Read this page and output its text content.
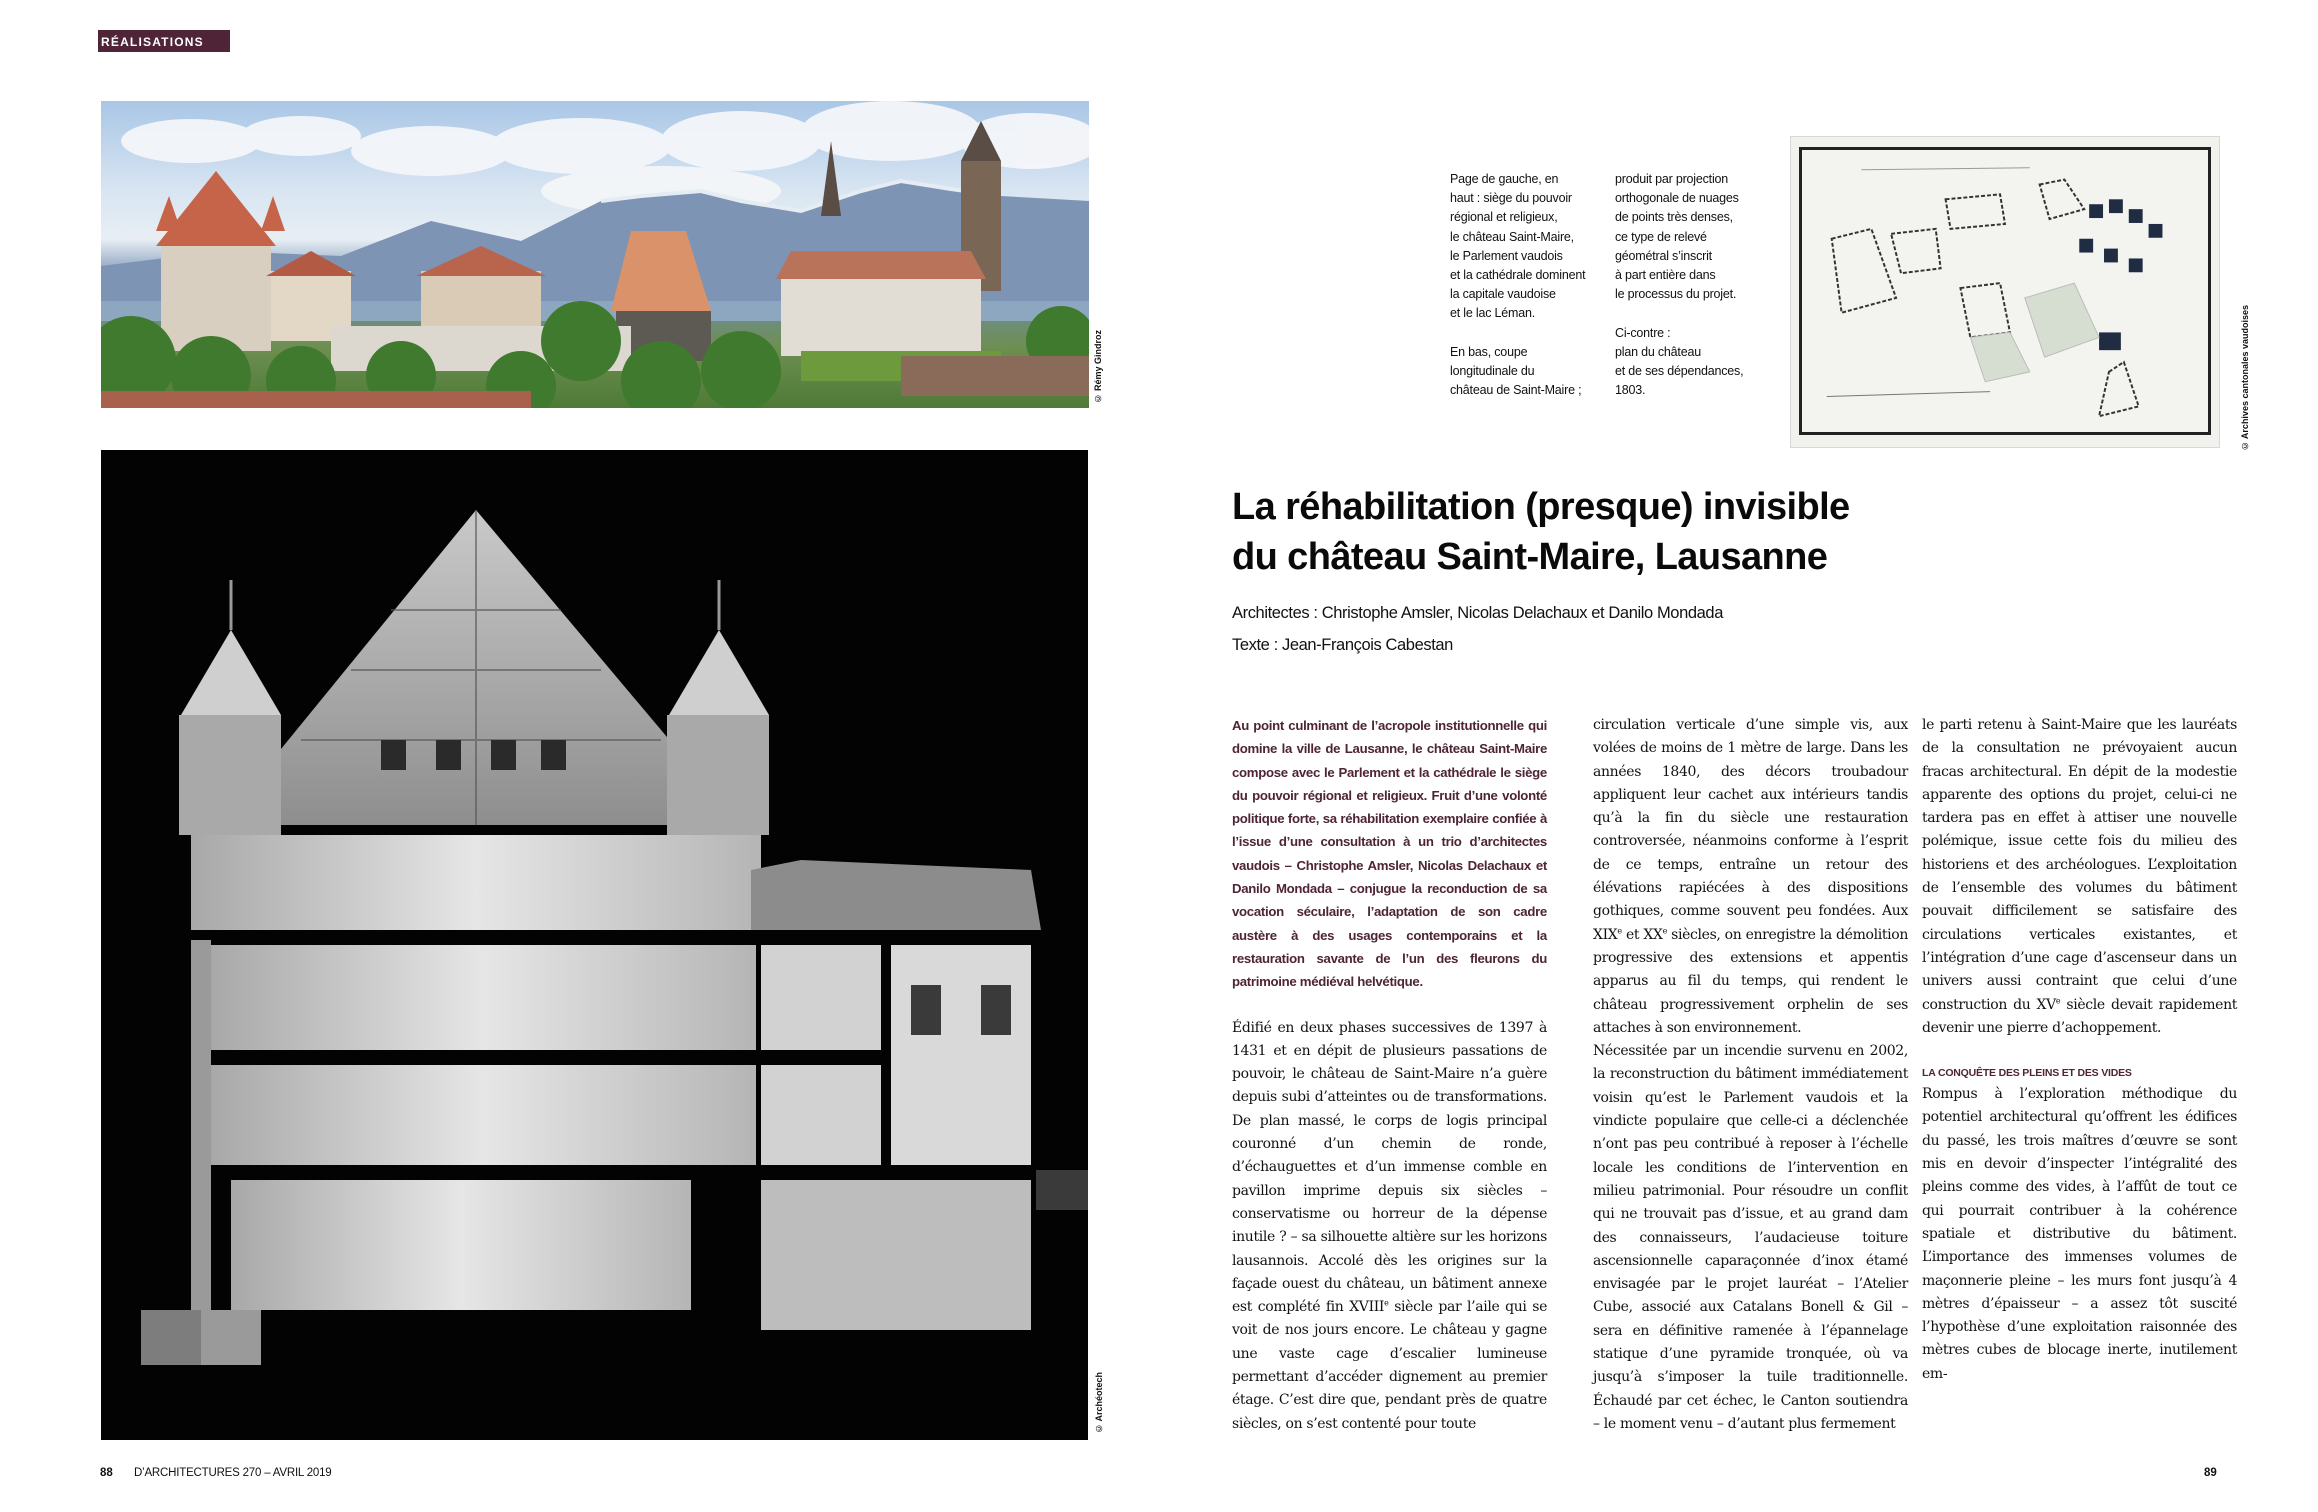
RÉALISATIONS
© Rémy Gindroz
© Archéotech
Page de gauche, en
haut : siège du pouvoir
régional et religieux,
le château Saint-Maire,
le Parlement vaudois
et la cathédrale dominent
la capitale vaudoise
et le lac Léman.

En bas, coupe
longitudinale du
château de Saint-Maire ;
produit par projection
orthogonale de nuages
de points très denses,
ce type de relevé
géométral s’inscrit
à part entière dans
le processus du projet.

Ci-contre :
plan du château
et de ses dépendances,
1803.	© Archives cantonales vaudoises
La réhabilitation (presque) invisible
du château Saint-Maire, Lausanne
Architectes : Christophe Amsler, Nicolas Delachaux et Danilo Mondada
Texte : Jean-François Cabestan

Au point culminant de l’acropole institutionnelle qui domine la ville de Lausanne, le château Saint-Maire compose avec le Parlement et la cathédrale le siège du pouvoir régional et religieux. Fruit d’une volonté politique forte, sa réhabilitation exemplaire confiée à l’issue d’une consultation à un trio d’architectes vaudois – Christophe Amsler, Nicolas Delachaux et Danilo Mondada – conjugue la reconduction de sa vocation séculaire, l’adaptation de son cadre austère à des usages contemporains et la restauration savante de l’un des fleurons du patrimoine médiéval helvétique.

Édifié en deux phases successives de 1397 à 1431 et en dépit de plusieurs passations de pouvoir, le château de Saint-Maire n’a guère depuis subi d’atteintes ou de transformations. De plan massé, le corps de logis principal couronné d’un chemin de ronde, d’échauguettes et d’un immense comble en pavillon imprime depuis six siècles – conservatisme ou horreur de la dépense inutile ? – sa silhouette altière sur les horizons lausannois. Accolé dès les origines sur la façade ouest du château, un bâtiment annexe est complété fin XVIIIe siècle par l’aile qui se voit de nos jours encore. Le château y gagne une vaste cage d’escalier lumineuse permettant d’accéder dignement au premier étage. C’est dire que, pendant près de quatre siècles, on s’est contenté pour toute

circulation verticale d’une simple vis, aux volées de moins de 1 mètre de large. Dans les années 1840, des décors troubadour appliquent leur cachet aux intérieurs tandis qu’à la fin du siècle une restauration controversée, néanmoins conforme à l’esprit de ce temps, entraîne un retour des élévations rapiécées à des dispositions gothiques, comme souvent peu fondées. Aux XIXe et XXe siècles, on enregistre la démolition progressive des extensions et appentis apparus au fil du temps, qui rendent le château progressivement orphelin de ses attaches à son environnement.

Nécessitée par un incendie survenu en 2002, la reconstruction du bâtiment immédiatement voisin qu’est le Parlement vaudois et la vindicte populaire que celle-ci a déclenchée n’ont pas peu contribué à reposer à l’échelle locale les conditions de l’intervention en milieu patrimonial. Pour résoudre un conflit qui ne trouvait pas d’issue, et au grand dam des connaisseurs, l’audacieuse toiture ascensionnelle caparaçonnée d’inox étamé envisagée par le projet lauréat – l’Atelier Cube, associé aux Catalans Bonell & Gil – sera en définitive ramenée à l’épannelage statique d’une pyramide tronquée, où va jusqu’à s’imposer la tuile traditionnelle. Échaudé par cet échec, le Canton soutiendra – le moment venu – d’autant plus fermement

le parti retenu à Saint-Maire que les lauréats de la consultation ne prévoyaient aucun fracas architectural. En dépit de la modestie apparente des options du projet, celui-ci ne tardera pas en effet à attiser une nouvelle polémique, issue cette fois du milieu des historiens et des archéologues. L’exploitation de l’ensemble des volumes du bâtiment pouvait difficilement se satisfaire des circulations verticales existantes, et l’intégration d’une cage d’ascenseur dans un univers aussi contraint que celui d’une construction du XVe siècle devait rapidement devenir une pierre d’achoppement.

LA CONQUÊTE DES PLEINS ET DES VIDES

Rompus à l’exploration méthodique du potentiel architectural qu’offrent les édifices du passé, les trois maîtres d’œuvre se sont mis en devoir d’inspecter l’intégralité des pleins comme des vides, à l’affût de tout ce qui pourrait contribuer à la cohérence spatiale et distributive du bâtiment. L’importance des immenses volumes de maçonnerie pleine – les murs font jusqu’à 4 mètres d’épaisseur – a assez tôt suscité l’hypothèse d’une exploitation raisonnée des mètres cubes de blocage inerte, inutilement em-

88 D’ARCHITECTURES 270 – AVRIL 2019	89
